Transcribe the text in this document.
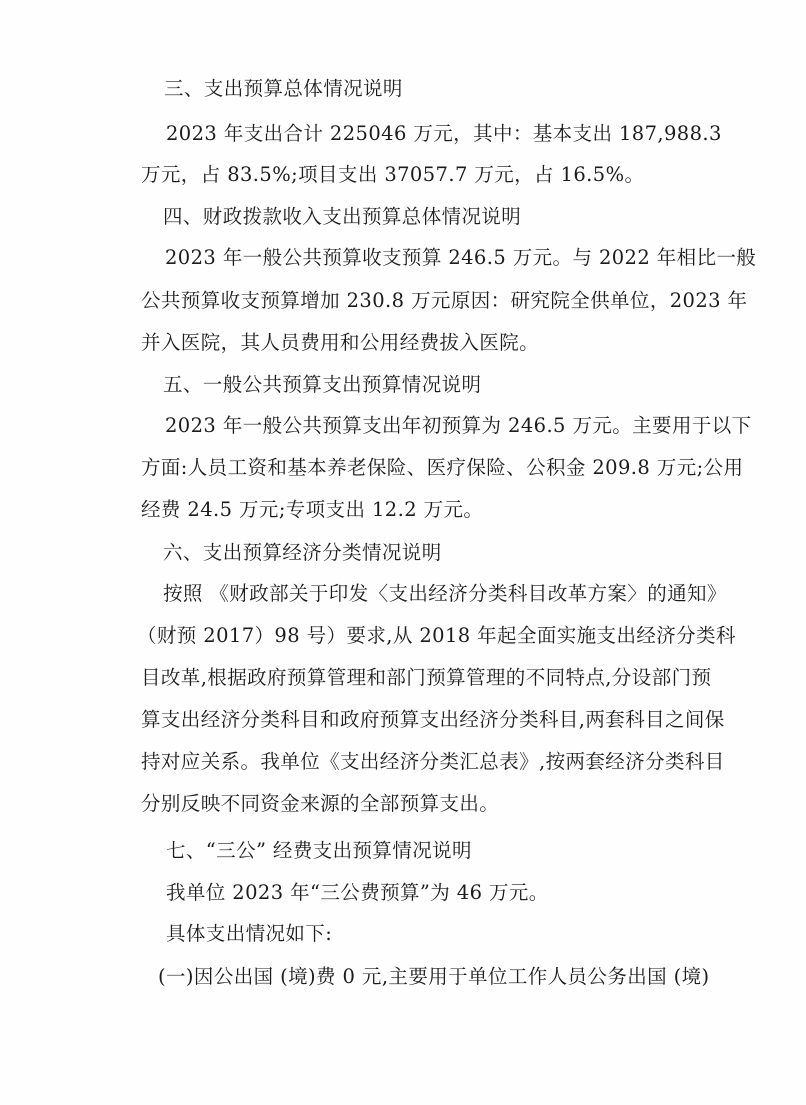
三、支出预算总体情况说明
2023 年支出合计 225046 万元，其中：基本支出 187,988.3
万元，占 83.5%;项目支出 37057.7 万元，占 16.5%。
四、财政拨款收入支出预算总体情况说明
2023 年一般公共预算收支预算 246.5 万元。与 2022 年相比一般
公共预算收支预算增加 230.8 万元原因：研究院全供单位，2023 年
并入医院，其人员费用和公用经费拔入医院。
五、一般公共预算支出预算情况说明
2023 年一般公共预算支出年初预算为 246.5 万元。主要用于以下
方面:人员工资和基本养老保险、医疗保险、公积金 209.8 万元;公用
经费 24.5 万元;专项支出 12.2 万元。
六、支出预算经济分类情况说明
按照 《财政部关于印发〈支出经济分类科目改革方案〉的通知》
（财预 2017）98 号）要求,从 2018 年起全面实施支出经济分类科
目改革,根据政府预算管理和部门预算管理的不同特点,分设部门预
算支出经济分类科目和政府预算支出经济分类科目,两套科目之间保
持对应关系。我单位《支出经济分类汇总表》,按两套经济分类科目
分别反映不同资金来源的全部预算支出。
七、“三公” 经费支出预算情况说明
我单位 2023 年“三公费预算”为 46 万元。
具体支出情况如下:
(一)因公出国 (境)费 0 元,主要用于单位工作人员公务出国 (境)
